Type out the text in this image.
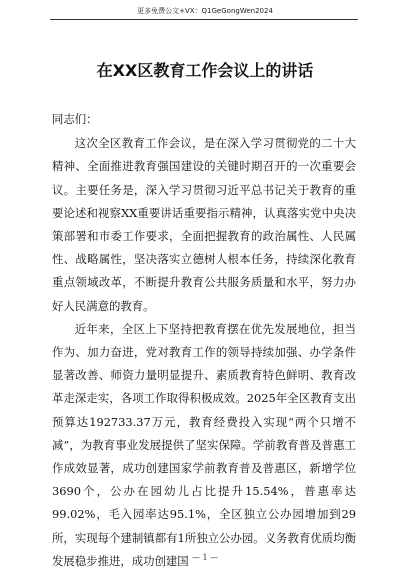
更多免费公文+VX：Q1GeGongWen2024
在XX区教育工作会议上的讲话

同志们：

这次全区教育工作会议，是在深入学习贯彻党的二十大精神、全面推进教育强国建设的关键时期召开的一次重要会议。主要任务是，深入学习贯彻习近平总书记关于教育的重要论述和视察XX重要讲话重要指示精神，认真落实党中央决策部署和市委工作要求，全面把握教育的政治属性、人民属性、战略属性，坚决落实立德树人根本任务，持续深化教育重点领域改革，不断提升教育公共服务质量和水平，努力办好人民满意的教育。

近年来，全区上下坚持把教育摆在优先发展地位，担当作为、加力奋进，党对教育工作的领导持续加强、办学条件显著改善、师资力量明显提升、素质教育特色鲜明、教育改革走深走实，各项工作取得积极成效。2025年全区教育支出预算达192733.37万元，教育经费投入实现“两个只增不减”，为教育事业发展提供了坚实保障。学前教育普及普惠工作成效显著，成功创建国家学前教育普及普惠区，新增学位3690个，公办在园幼儿占比提升15.54%，普惠率达99.02%，毛入园率达95.1%，全区独立公办园增加到29所，实现每个建制镇都有1所独立公办园。义务教育优质均衡发展稳步推进，成功创建国 — 1 —
